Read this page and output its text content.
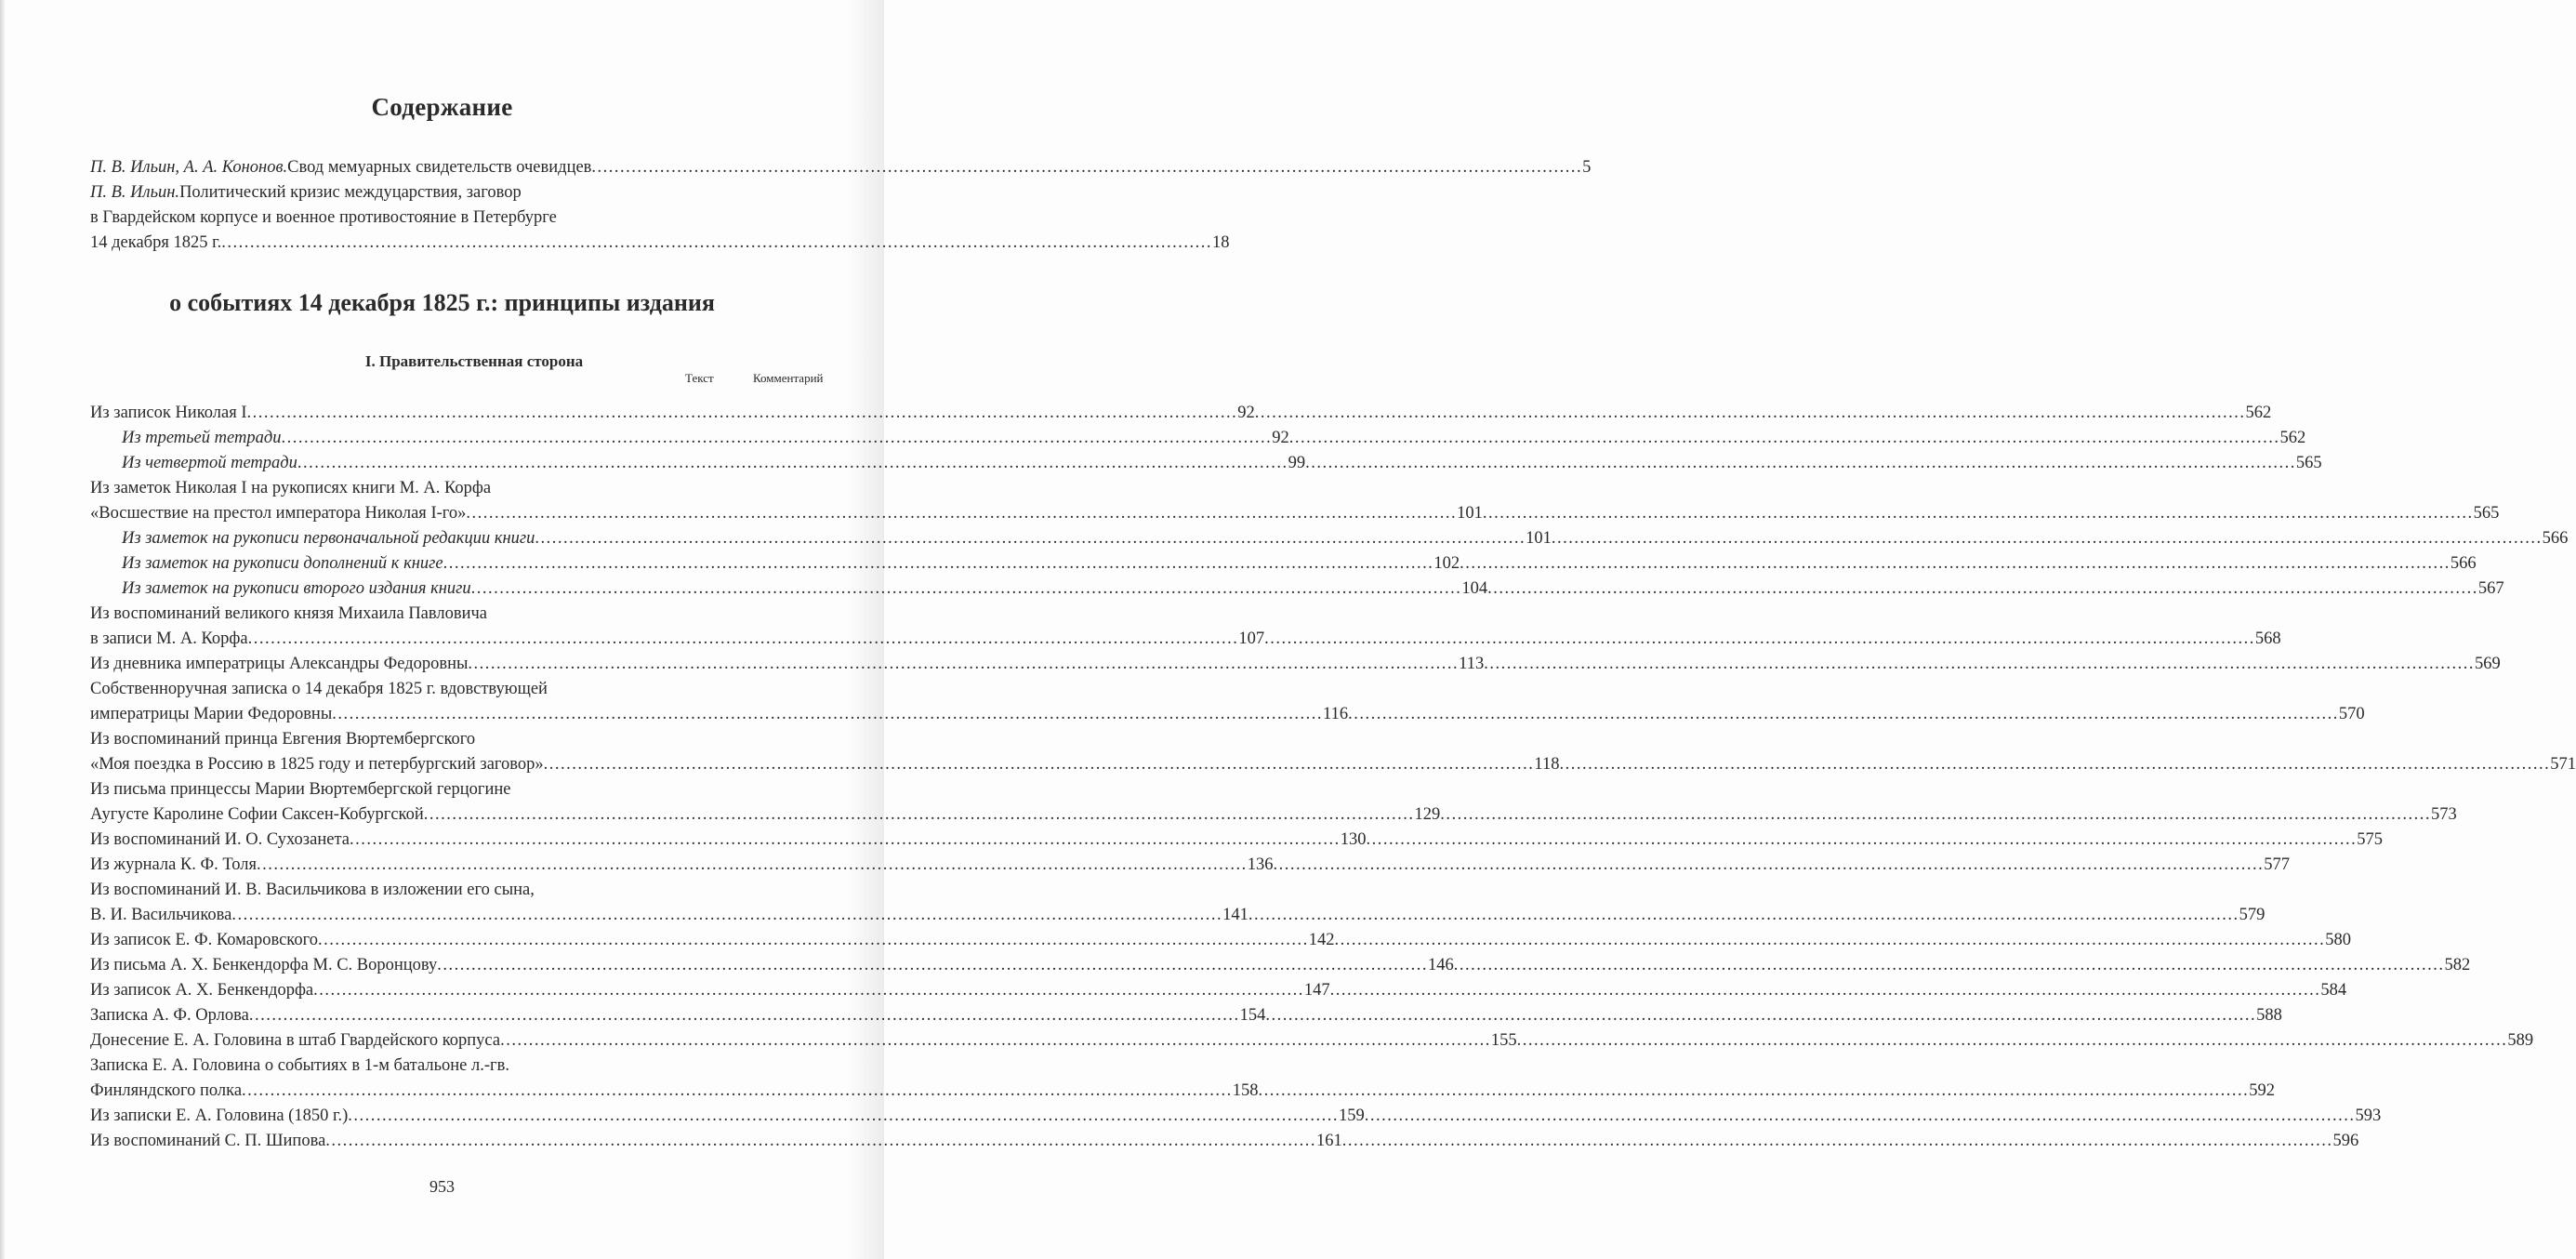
Содержание
П. В. Ильин, А. А. Кононов. Свод мемуарных свидетельств очевидцев .....	5
П. В. Ильин. Политический кризис междуцарствия, заговор
в Гвардейском корпусе и военное противостояние в Петербурге
14 декабря 1825 г. .....	18
о событиях 14 декабря 1825 г.: принципы издания
I. Правительственная сторона
Текст	Комментарий
Из записок Николая I .....	92 .....	562
Из третьей тетради .....	92 .....	562
Из четвертой тетради .....	99 .....	565
Из заметок Николая I на рукописях книги М. А. Корфа
«Восшествие на престол императора Николая I-го» .....	101 .....	565
Из заметок на рукописи первоначальной редакции книги .....	101 .....	566
Из заметок на рукописи дополнений к книге .....	102 .....	566
Из заметок на рукописи второго издания книги .....	104 .....	567
Из воспоминаний великого князя Михаила Павловича
в записи М. А. Корфа .....	107 .....	568
Из дневника императрицы Александры Федоровны .....	113 .....	569
Собственноручная записка о 14 декабря 1825 г. вдовствующей
императрицы Марии Федоровны .....	116 .....	570
Из воспоминаний принца Евгения Вюртембергского
«Моя поездка в Россию в 1825 году и петербургский заговор» .....	118 .....	571
Из письма принцессы Марии Вюртембергской герцогине
Аугусте Каролине Софии Саксен-Кобургской .....	129 .....	573
Из воспоминаний И. О. Сухозанета .....	130 .....	575
Из журнала К. Ф. Толя .....	136 .....	577
Из воспоминаний И. В. Васильчикова в изложении его сына,
В. И. Васильчикова .....	141 .....	579
Из записок Е. Ф. Комаровского .....	142 .....	580
Из письма А. Х. Бенкендорфа М. С. Воронцову .....	146 .....	582
Из записок А. Х. Бенкендорфа .....	147 .....	584
Записка А. Ф. Орлова .....	154 .....	588
Донесение Е. А. Головина в штаб Гвардейского корпуса .....	155 .....	589
Записка Е. А. Головина о событиях в 1-м батальоне л.-гв.
Финляндского полка .....	158 .....	592
Из записки Е. А. Головина (1850 г.) .....	159 .....	593
Из воспоминаний С. П. Шипова .....	161 .....	596
953
